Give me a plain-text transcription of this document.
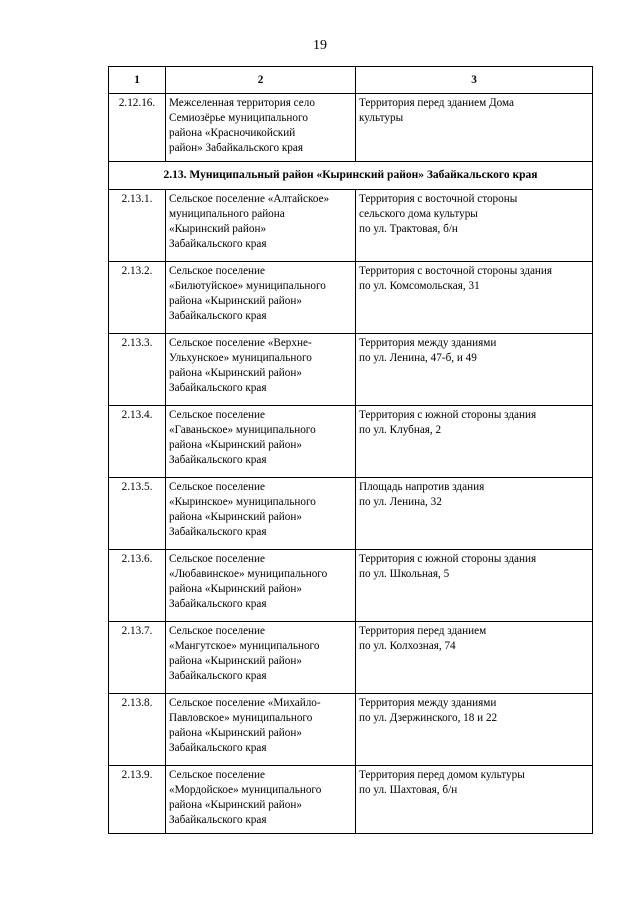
19
1	2	3
2.12.16.	Межселенная территория село
Семиозёрье муниципального
района «Красночикойский
район» Забайкальского края	Территория перед зданием Дома
культуры

2.13. Муниципальный район «Кыринский район» Забайкальского края		
2.13.1.	Сельское поселение «Алтайское»
муниципального района
«Кыринский район»
Забайкальского края	Территория с восточной стороны
сельского дома культуры
по ул. Трактовая, б/н

2.13.2.	Сельское поселение
«Билютуйское» муниципального
района «Кыринский район»
Забайкальского края	Территория с восточной стороны здания
по ул. Комсомольская, 31

2.13.3.	Сельское поселение «Верхне-
Ульхунское» муниципального
района «Кыринский район»
Забайкальского края	Территория между зданиями
по ул. Ленина, 47-б, и 49

2.13.4.	Сельское поселение
«Гаваньское» муниципального
района «Кыринский район»
Забайкальского края	Территория с южной стороны здания
по ул. Клубная, 2

2.13.5.	Сельское поселение
«Кыринское» муниципального
района «Кыринский район»
Забайкальского края	Площадь напротив здания
по ул. Ленина, 32

2.13.6.	Сельское поселение
«Любавинское» муниципального
района «Кыринский район»
Забайкальского края	Территория с южной стороны здания
по ул. Школьная, 5

2.13.7.	Сельское поселение
«Мангутское» муниципального
района «Кыринский район»
Забайкальского края	Территория перед зданием
по ул. Колхозная, 74

2.13.8.	Сельское поселение «Михайло-
Павловское» муниципального
района «Кыринский район»
Забайкальского края	Территория между зданиями
по ул. Дзержинского, 18 и 22

2.13.9.	Сельское поселение
«Мордойское» муниципального
района «Кыринский район»
Забайкальского края	Территория перед домом культуры
по ул. Шахтовая, б/н
